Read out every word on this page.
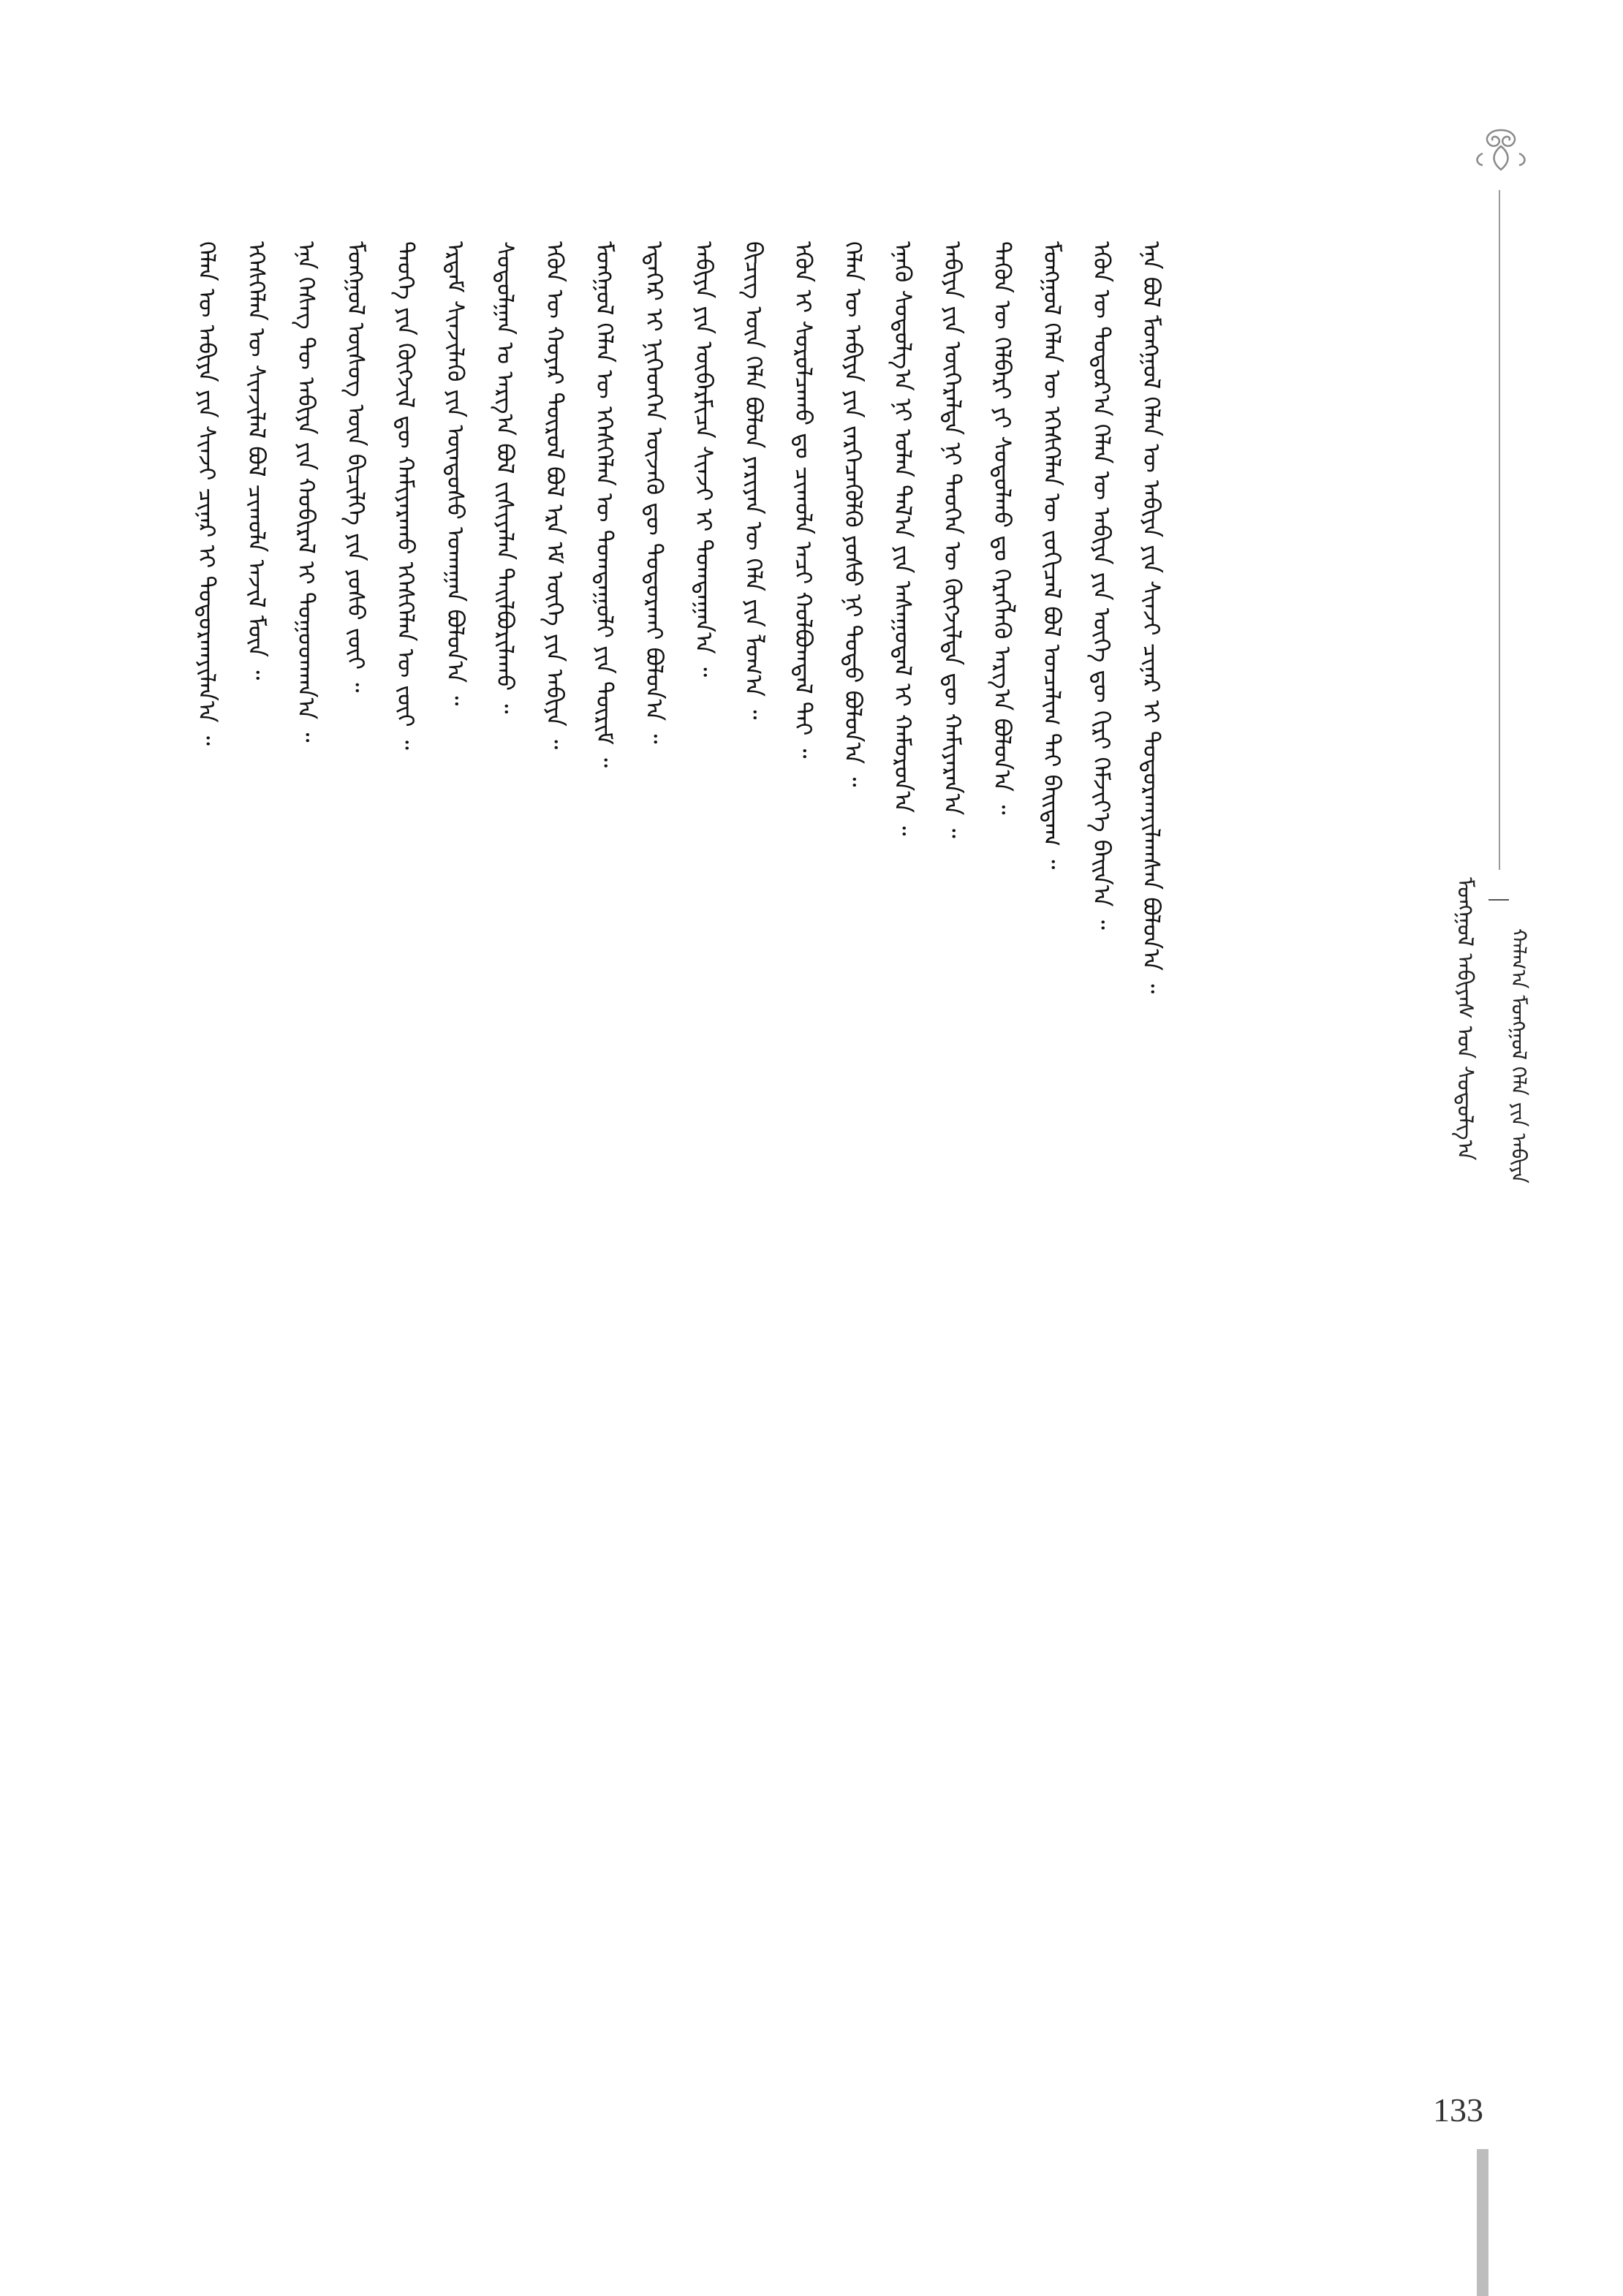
ᠮᠣᠩᠭᠣᠯ ᠠᠪᠢᠶᠠᠰ ᠤᠨ ᠰᠤᠳᠤᠯᠭ᠎ᠠ	ᠬᠠᠯᠬ᠎ᠠ ᠮᠣᠩᠭᠣᠯ ᠬᠡᠯᠡ ᠶᠢᠨ ᠠᠪᠢᠶᠠ
ᠡᠨᠡ ᠪᠣᠯ ᠮᠣᠩᠭᠣᠯ ᠬᠡᠯᠡᠨ ᠦ ᠠᠪᠢᠶᠠ ᠶᠢᠨ ᠰᠢᠨᠵᠢ ᠴᠢᠨᠠᠷ ᠢ ᠲᠣᠳᠤᠷᠬᠠᠶᠢᠯᠠᠭᠰᠠᠨ ᠪᠣᠯᠤᠨ᠎ᠠ ᠃
ᠡᠭᠦᠨ ᠦ ᠳᠣᠲᠣᠷ᠎ᠠ ᠬᠡᠯᠡᠨ ᠦ ᠠᠪᠢᠶᠠ ᠶᠢᠨ ᠦᠭᠡ ᠳᠦ ᠬᠢᠷᠢ ᠬᠡᠮᠵᠢᠶ᠎ᠡ ᠪᠠᠢᠨ᠎ᠠ ᠃
ᠮᠣᠩᠭᠣᠯ ᠬᠡᠯᠡᠨ ᠦ ᠡᠭᠡᠰᠬᠡᠯᠡᠨ ᠦ ᠵᠣᠬᠢᠴᠠᠯ ᠪᠣᠯ ᠣᠨᠴᠠᠯᠢᠭ ᠲᠠᠢ ᠪᠠᠢᠳᠠᠭ ᠃
ᠲᠡᠭᠦᠨ ᠦ ᠬᠡᠯᠪᠡᠷᠢ ᠶᠢ ᠰᠤᠳᠤᠯᠬᠤ ᠳᠤ ᠬᠡᠷᠡᠭᠯᠡᠬᠦ ᠠᠷᠭ᠎ᠠ ᠪᠣᠯᠤᠨ᠎ᠠ ᠃
ᠠᠪᠢᠶᠠ ᠶᠢᠨ ᠥᠭᠡᠷᠡᠯᠲᠡ ᠨᠢ ᠲᠡᠦᠬᠡᠨ ᠦ ᠬᠥᠭᠵᠢᠯᠲᠡ ᠳᠦ ᠬᠠᠮᠢᠶᠠᠷᠠᠨ᠎ᠠ ᠃
ᠡᠨᠡᠬᠦ ᠰᠤᠳᠤᠯᠭ᠎ᠠ ᠨᠢ ᠣᠯᠠᠨ ᠲᠠᠯ᠎ᠠ ᠶᠢᠨ ᠠᠰᠠᠭᠤᠳᠠᠯ ᠢ ᠬᠠᠮᠤᠷᠤᠨ᠎ᠠ ᠃
ᠬᠡᠯᠡᠨ ᠦ ᠠᠪᠢᠶᠠ ᠶᠢᠨ ᠵᠡᠷᠭᠡᠴᠡᠭᠦᠯᠬᠦ ᠶᠣᠰᠣ ᠨᠢ ᠲᠣᠳᠣ ᠪᠣᠯᠤᠨ᠎ᠠ ᠃
ᠡᠭᠦᠨ ᠢ ᠰᠤᠷᠤᠯᠴᠠᠬᠤ ᠳᠤ ᠴᠢᠬᠤᠯᠠ ᠠᠴᠢ ᠬᠣᠯᠪᠣᠭᠳᠠᠯ ᠲᠠᠢ ᠃
ᠪᠢᠴᠢᠭ ᠦᠨ ᠬᠡᠯᠡ ᠪᠣᠯᠣᠨ ᠶᠠᠷᠢᠶᠠᠨ ᠦ ᠬᠡᠯᠡ ᠶᠢᠨ ᠯᠤᠭ᠎ᠠ ᠃
ᠠᠪᠢᠶᠠ ᠶᠢᠨ ᠥᠪᠡᠷᠮᠢᠴᠡ ᠰᠢᠨᠵᠢ ᠢ ᠲᠣᠭᠲᠠᠭᠠᠨ᠎ᠠ ᠃
ᠡᠳᠡᠭᠡᠷ ᠢ ᠨᠢᠭᠡᠳᠬᠡᠨ ᠦᠵᠡᠬᠦ ᠳᠦ ᠲᠣᠳᠣᠷᠬᠠᠢ ᠪᠣᠯᠤᠨ᠎ᠠ ᠃
ᠮᠣᠩᠭᠣᠯ ᠬᠡᠯᠡᠨ ᠦ ᠡᠭᠡᠰᠬᠡᠯᠡᠨ ᠦ ᠲᠣᠭᠲᠠᠭᠤᠯᠢ ᠶᠢᠨ ᠳᠦᠷᠢᠮ ᠃
ᠡᠭᠦᠨ ᠦ ᠬᠣᠶᠠᠷ ᠲᠦᠷᠦᠯ ᠪᠣᠯ ᠡᠷᠡ ᠡᠮ ᠦᠭᠡ ᠶᠢᠨ ᠠᠪᠢᠶᠠ ᠃
ᠰᠤᠳᠤᠯᠭᠠᠨ ᠤ ᠠᠷᠭ᠎ᠠ ᠪᠣᠯ ᠵᠢᠱᠢᠶᠡᠯᠡᠨ ᠲᠠᠢᠯᠪᠤᠷᠢᠯᠠᠬᠤ ᠃
ᠡᠷᠳᠡᠮ ᠰᠢᠨᠵᠢᠯᠡᠬᠦ ᠶᠢᠨ ᠦᠨᠳᠦᠰᠦ ᠤᠬᠠᠭᠠᠨ ᠪᠣᠯᠤᠨ᠎ᠠ ᠃
ᠲᠡᠦᠬᠡ ᠶᠢᠨ ᠬᠦᠭᠵᠢᠯ ᠳᠦ ᠬᠠᠮᠢᠶᠠᠷᠠᠬᠤ ᠡᠭᠡᠰᠬᠡᠯᠡᠨ ᠦ ᠵᠦᠢ ᠃
ᠮᠣᠩᠭᠣᠯ ᠦᠰᠦᠭ ᠦᠨ ᠪᠢᠴᠢᠯᠭᠡ ᠶᠢᠨ ᠶᠣᠰᠣ ᠵᠦᠢ ᠃
ᠡᠨᠡ ᠬᠡᠰᠡᠭ ᠲᠦ ᠠᠪᠢᠶᠠ ᠶᠢᠨ ᠬᠤᠪᠢᠷᠠᠯ ᠢ ᠲᠣᠭᠤᠳᠬᠠᠨ᠎ᠠ ᠃
ᠡᠭᠡᠰᠬᠡᠯᠡᠨ ᠦ ᠰᠢᠨᠵᠢᠯᠡᠯ ᠪᠣᠯ ᠴᠢᠬᠤᠯᠠ ᠠᠵᠢᠯ ᠮᠥᠨ ᠃
ᠬᠡᠯᠡᠨ ᠦ ᠠᠪᠢᠶᠠ ᠶᠢᠨ ᠰᠢᠨᠵᠢ ᠴᠢᠨᠠᠷ ᠢ ᠲᠣᠳᠤᠷᠬᠠᠶᠢᠯᠠᠨ᠎ᠠ ᠃
133
